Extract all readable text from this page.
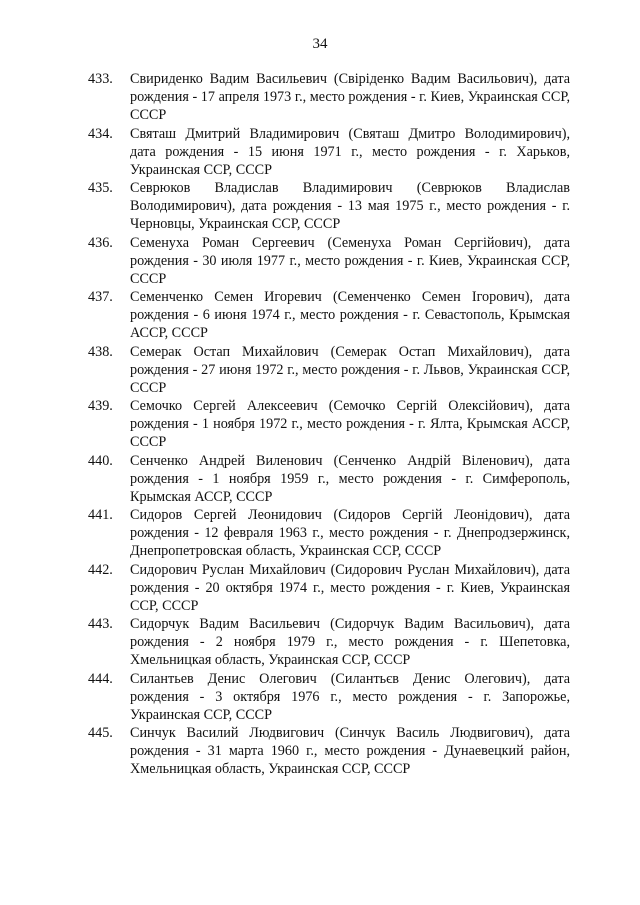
34
433.	Свириденко Вадим Васильевич (Свіріденко Вадим Васильович), дата рождения - 17 апреля 1973 г., место рождения - г. Киев, Украинская ССР, СССР
434.	Святаш Дмитрий Владимирович (Святаш Дмитро Володимирович), дата рождения - 15 июня 1971 г., место рождения - г. Харьков, Украинская ССР, СССР
435.	Севрюков Владислав Владимирович (Севрюков Владислав Володимирович), дата рождения - 13 мая 1975 г., место рождения - г. Черновцы, Украинская ССР, СССР
436.	Семенуха Роман Сергеевич (Семенуха Роман Сергійович), дата рождения - 30 июля 1977 г., место рождения - г. Киев, Украинская ССР, СССР
437.	Семенченко Семен Игоревич (Семенченко Семен Ігорович), дата рождения - 6 июня 1974 г., место рождения - г. Севастополь, Крымская АССР, СССР
438.	Семерак Остап Михайлович (Семерак Остап Михайлович), дата рождения - 27 июня 1972 г., место рождения - г. Львов, Украинская ССР, СССР
439.	Семочко Сергей Алексеевич (Семочко Сергій Олексійович), дата рождения - 1 ноября 1972 г., место рождения - г. Ялта, Крымская АССР, СССР
440.	Сенченко Андрей Виленович (Сенченко Андрій Віленович), дата рождения - 1 ноября 1959 г., место рождения - г. Симферополь, Крымская АССР, СССР
441.	Сидоров Сергей Леонидович (Сидоров Сергій Леонідович), дата рождения - 12 февраля 1963 г., место рождения - г. Днепродзержинск, Днепропетровская область, Украинская ССР, СССР
442.	Сидорович Руслан Михайлович (Сидорович Руслан Михайлович), дата рождения - 20 октября 1974 г., место рождения - г. Киев, Украинская ССР, СССР
443.	Сидорчук Вадим Васильевич (Сидорчук Вадим Васильович), дата рождения - 2 ноября 1979 г., место рождения - г. Шепетовка, Хмельницкая область, Украинская ССР, СССР
444.	Силантьев Денис Олегович (Силантьєв Денис Олегович), дата рождения - 3 октября 1976 г., место рождения - г. Запорожье, Украинская ССР, СССР
445.	Синчук Василий Людвигович (Синчук Василь Людвигович), дата рождения - 31 марта 1960 г., место рождения - Дунаевецкий район, Хмельницкая область, Украинская ССР, СССР
